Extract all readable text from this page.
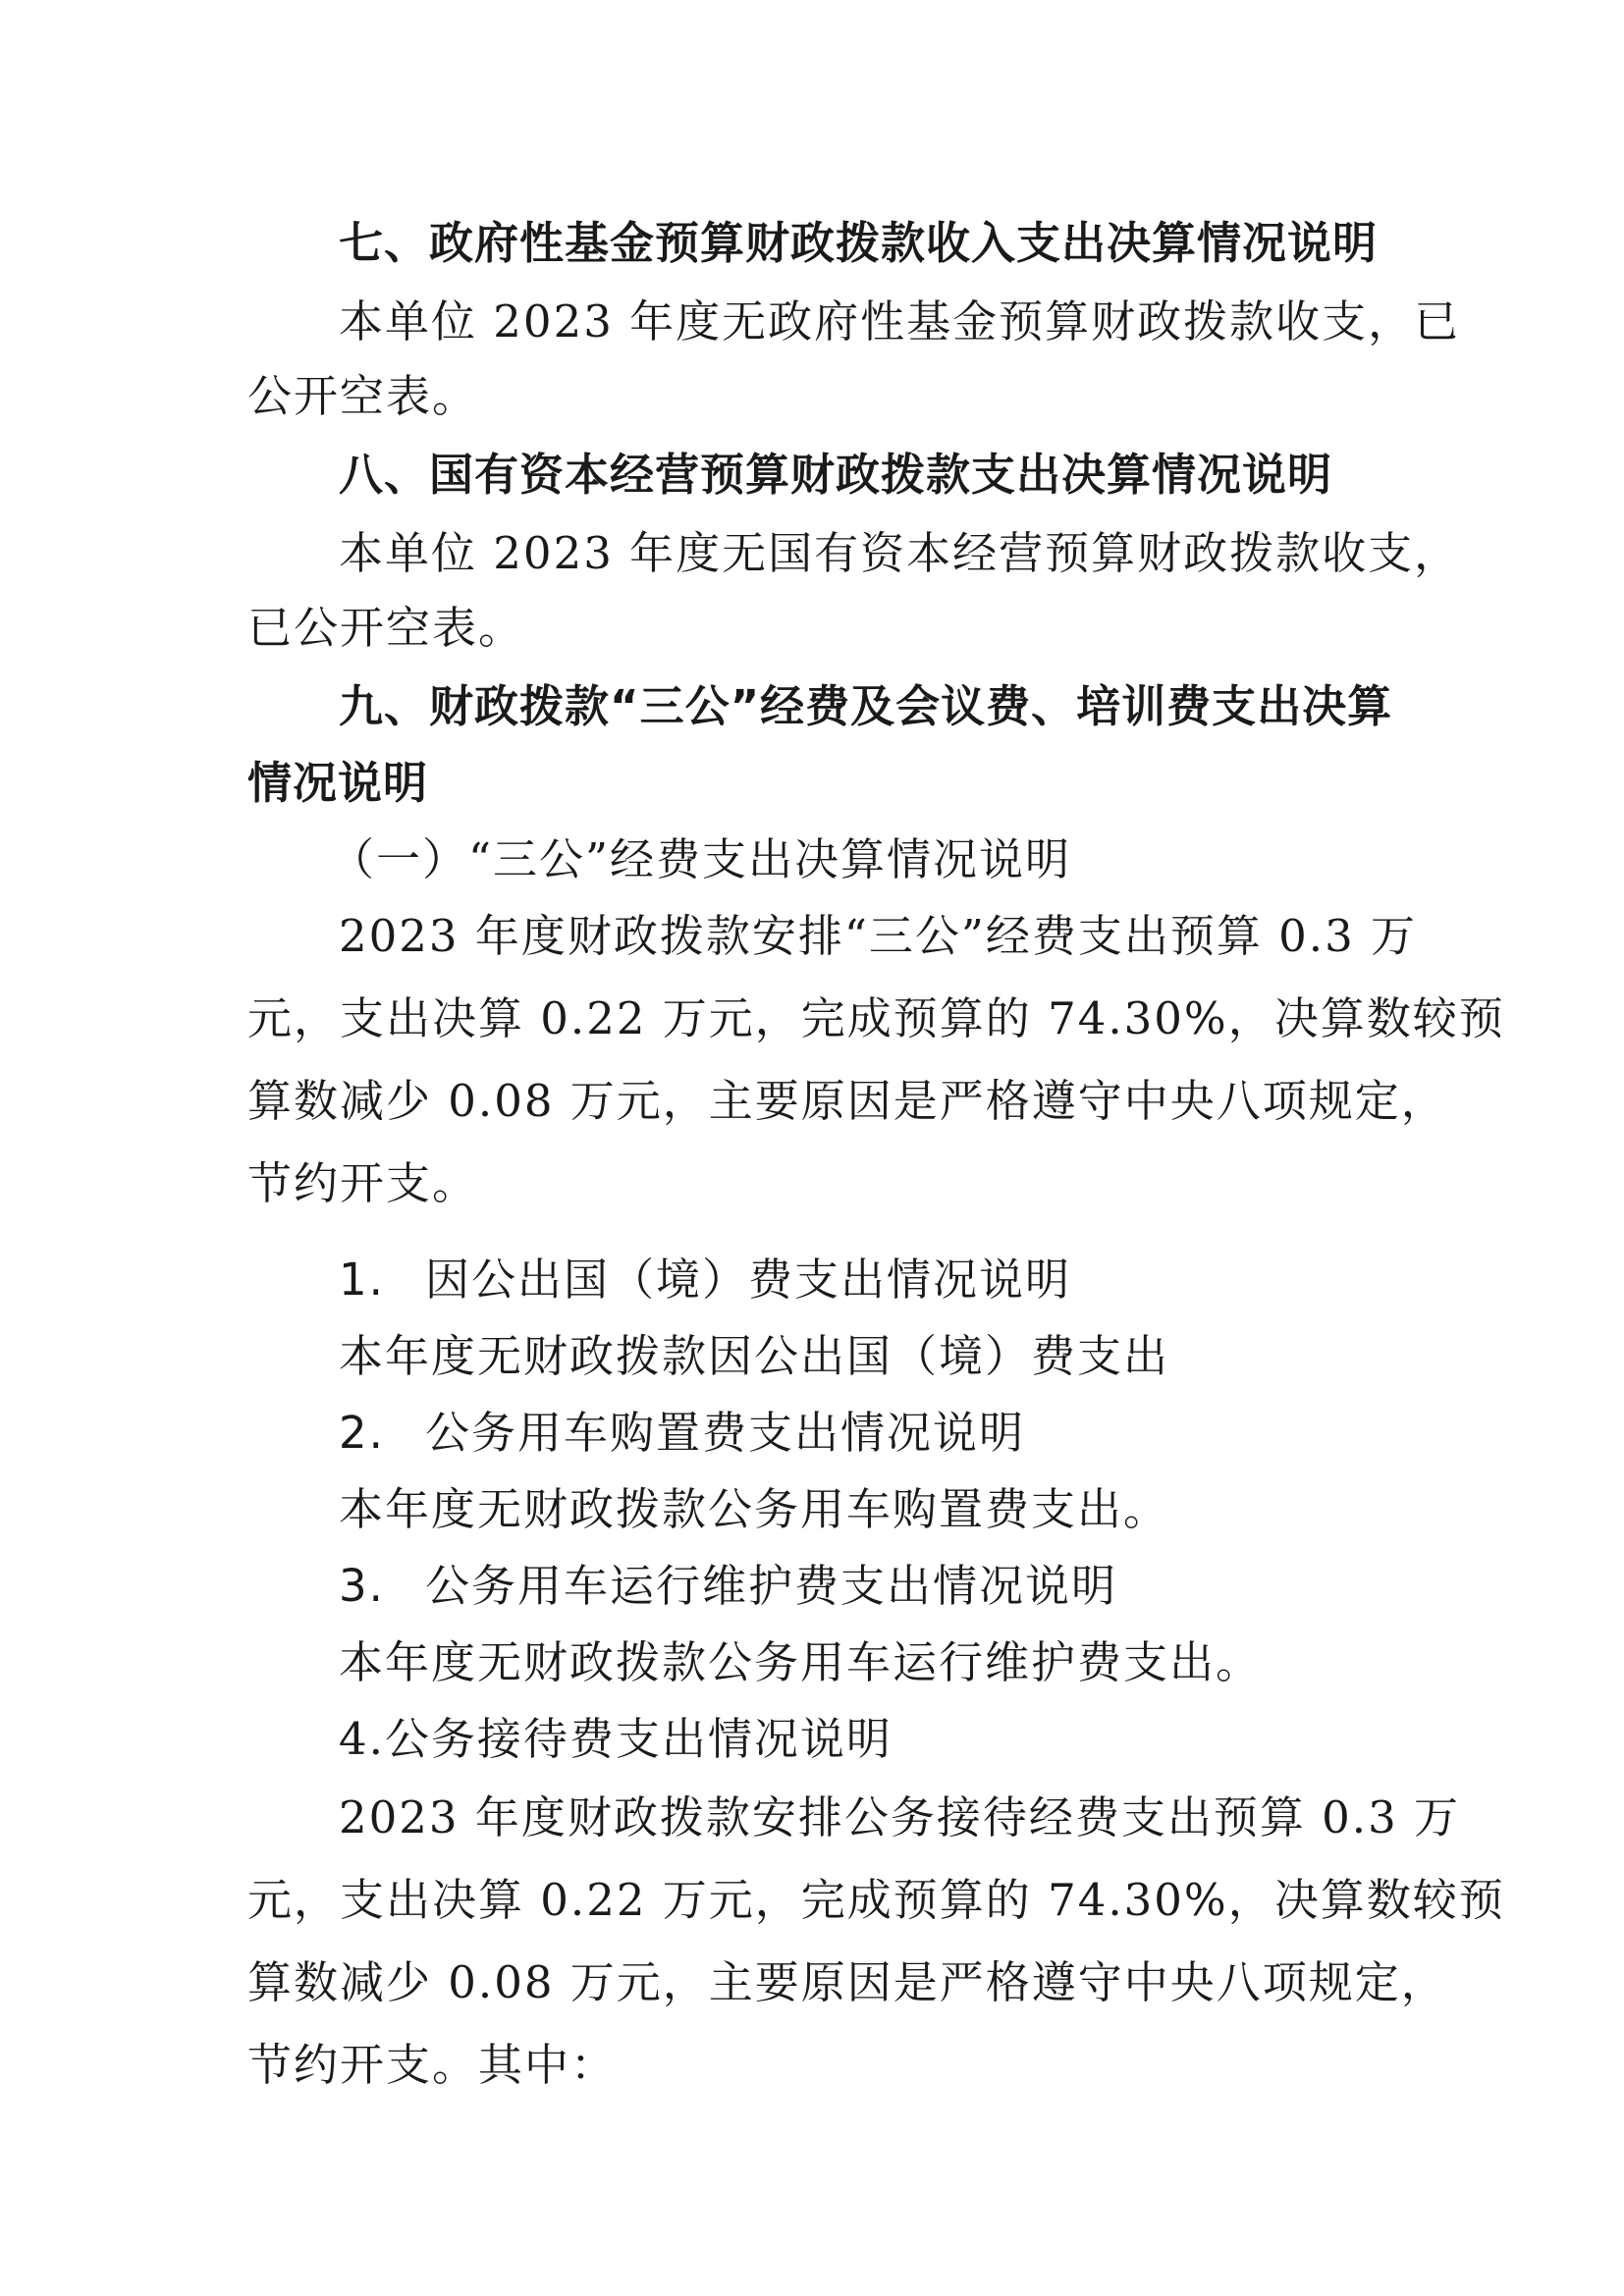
七、政府性基金预算财政拨款收入支出决算情况说明
本单位 2023 年度无政府性基金预算财政拨款收支，已
公开空表。
八、国有资本经营预算财政拨款支出决算情况说明
本单位 2023 年度无国有资本经营预算财政拨款收支，
已公开空表。
九、财政拨款“三公”经费及会议费、培训费支出决算
情况说明
（一）“三公”经费支出决算情况说明
2023 年度财政拨款安排“三公”经费支出预算 0.3 万
元，支出决算 0.22 万元，完成预算的 74.30%，决算数较预
算数减少 0.08 万元，主要原因是严格遵守中央八项规定，
节约开支。
1. 因公出国（境）费支出情况说明
本年度无财政拨款因公出国（境）费支出
2. 公务用车购置费支出情况说明
本年度无财政拨款公务用车购置费支出。
3. 公务用车运行维护费支出情况说明
本年度无财政拨款公务用车运行维护费支出。
4.公务接待费支出情况说明
2023 年度财政拨款安排公务接待经费支出预算 0.3 万
元，支出决算 0.22 万元，完成预算的 74.30%，决算数较预
算数减少 0.08 万元，主要原因是严格遵守中央八项规定，
节约开支。其中：
